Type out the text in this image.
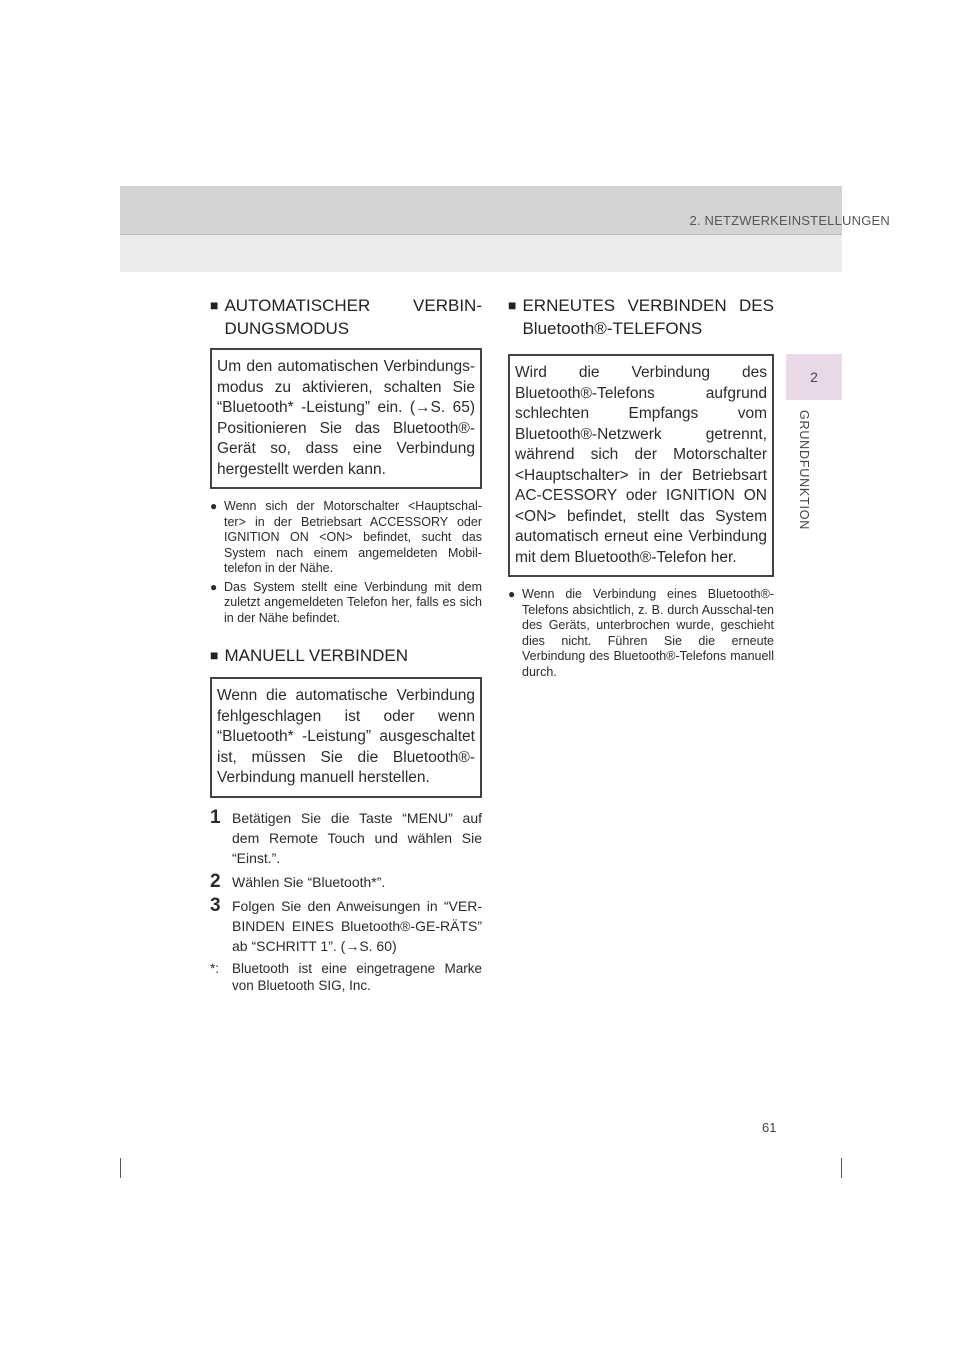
2. NETZWERKEINSTELLUNGEN
2
GRUNDFUNKTION
■ AUTOMATISCHER VERBIN-DUNGSMODUS
Um den automatischen Verbindungs-modus zu aktivieren, schalten Sie “Bluetooth* -Leistung” ein. (→S. 65) Positionieren Sie das Bluetooth®-Gerät so, dass eine Verbindung hergestellt werden kann.
● Wenn sich der Motorschalter <Hauptschal-ter> in der Betriebsart ACCESSORY oder IGNITION ON <ON> befindet, sucht das System nach einem angemeldeten Mobil-telefon in der Nähe.
● Das System stellt eine Verbindung mit dem zuletzt angemeldeten Telefon her, falls es sich in der Nähe befindet.
■ MANUELL VERBINDEN
Wenn die automatische Verbindung fehlgeschlagen ist oder wenn “Bluetooth* -Leistung” ausgeschaltet ist, müssen Sie die Bluetooth®-Verbindung manuell herstellen.
1 Betätigen Sie die Taste “MENU” auf dem Remote Touch und wählen Sie “Einst.”.
2 Wählen Sie “Bluetooth*”.
3 Folgen Sie den Anweisungen in “VER-BINDEN EINES Bluetooth®-GE-RÄTS” ab “SCHRITT 1”. (→S. 60)
*: Bluetooth ist eine eingetragene Marke von Bluetooth SIG, Inc.
■ ERNEUTES VERBINDEN DES Bluetooth®-TELEFONS
Wird die Verbindung des Bluetooth®-Telefons aufgrund schlechten Empfangs vom Bluetooth®-Netzwerk getrennt, während sich der Motorschalter <Hauptschalter> in der Betriebsart AC-CESSORY oder IGNITION ON <ON> befindet, stellt das System automatisch erneut eine Verbindung mit dem Bluetooth®-Telefon her.
● Wenn die Verbindung eines Bluetooth®-Telefons absichtlich, z. B. durch Ausschal-ten des Geräts, unterbrochen wurde, geschieht dies nicht. Führen Sie die erneute Verbindung des Bluetooth®-Telefons manuell durch.
61
